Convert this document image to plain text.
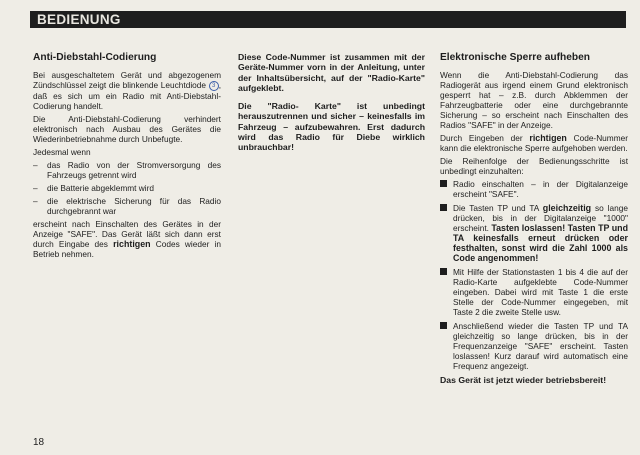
BEDIENUNG
Anti-Diebstahl-Codierung

Bei ausgeschaltetem Gerät und abgezogenem Zündschlüssel zeigt die blinkende Leuchtdiode 3 , daß es sich um ein Radio mit Anti-Diebstahl-Codierung handelt.

Die Anti-Diebstahl-Codierung verhindert elektronisch nach Ausbau des Gerätes die Wiederinbetriebnahme durch Unbefugte.

Jedesmal wenn

–	das Radio von der Stromversorgung des Fahrzeugs getrennt wird
–	die Batterie abgeklemmt wird
–	die elektrische Sicherung für das Radio durchgebrannt war

erscheint nach Einschalten des Gerätes in der Anzeige "SAFE". Das Gerät läßt sich dann erst durch Eingabe des richtigen Codes wieder in Betrieb nehmen.

Diese Code-Nummer ist zusammen mit der Geräte-Nummer vorn in der Anleitung, unter der Inhaltsübersicht, auf der "Radio-Karte" aufgeklebt.

Die "Radio- Karte" ist unbedingt herauszutrennen und sicher – keinesfalls im Fahrzeug – aufzubewahren. Erst dadurch wird das Radio für Diebe wirklich unbrauchbar!

Elektronische Sperre aufheben

Wenn die Anti-Diebstahl-Codierung das Radiogerät aus irgend einem Grund elektronisch gesperrt hat – z.B. durch Abklemmen der Fahrzeugbatterie oder eine durchgebrannte Sicherung – so erscheint nach Einschalten des Radios "SAFE" in der Anzeige.

Durch Eingeben der richtigen Code-Nummer kann die elektronische Sperre aufgehoben werden.

Die Reihenfolge der Bedienungsschritte ist unbedingt einzuhalten:

Radio einschalten – in der Digitalanzeige erscheint "SAFE".
Die Tasten TP und TA gleichzeitig so lange drücken, bis in der Digitalanzeige "1000" erscheint. Tasten loslassen! Tasten TP und TA keinesfalls erneut drücken oder festhalten, sonst wird die Zahl 1000 als Code angenommen!
Mit Hilfe der Stationstasten 1 bis 4 die auf der Radio-Karte aufgeklebte Code-Nummer eingeben. Dabei wird mit Taste 1 die erste Stelle der Code-Nummer eingegeben, mit Taste 2 die zweite Stelle usw.
Anschließend wieder die Tasten TP und TA gleichzeitig so lange drücken, bis in der Frequenzanzeige "SAFE" erscheint. Tasten loslassen! Kurz darauf wird automatisch eine Frequenz angezeigt.

Das Gerät ist jetzt wieder betriebsbereit!

18
